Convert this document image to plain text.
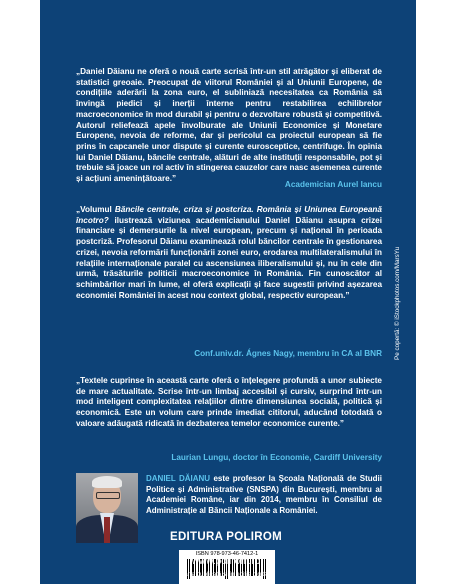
„Daniel Dăianu ne oferă o nouă carte scrisă într-un stil atrăgător și eliberat de statistici greoaie. Preocupat de viitorul României și al Uniunii Europene, de condițiile aderării la zona euro, el subliniază necesitatea ca România să învingă piedici și inerții înterne pentru restabilirea echilibrelor macroeconomice în mod durabil și pentru o dezvoltare robustă și competitivă. Autorul reliefează apele învolburate ale Uniunii Economice și Monetare Europene, nevoia de reforme, dar și pericolul ca proiectul european să fie prins în capcanele unor dispute și curente eurosceptice, centrifuge. În opinia lui Daniel Dăianu, băncile centrale, alături de alte instituții responsabile, pot și trebuie să joace un rol activ în stingerea cauzelor care nasc asemenea curente și acțiuni amenințătoare.”

Academician Aurel Iancu

„Volumul Băncile centrale, criza și postcriza. România și Uniunea Europeană încotro? ilustrează viziunea academicianului Daniel Dăianu asupra crizei financiare și demersurile la nivel european, precum și național în perioada postcriză. Profesorul Dăianu examinează rolul băncilor centrale în gestionarea crizei, nevoia reformării funcționării zonei euro, erodarea multilateralismului în relațiile internaționale paralel cu ascensiunea iliberalismului și, nu în cele din urmă, trăsăturile politicii macroeconomice în România. Fin cunoscător al schimbărilor mari în lume, el oferă explicații și face sugestii privind așezarea economiei României în acest nou context global, respectiv european.”

Conf.univ.dr. Ágnes Nagy, membru în CA al BNR

„Textele cuprinse în această carte oferă o înțelegere profundă a unor subiecte de mare actualitate. Scrise într-un limbaj accesibil și cursiv, surprind într-un mod inteligent complexitatea relațiilor dintre dimensiunea socială, politică și economică. Este un volum care prinde imediat cititorul, aducând totodată o valoare adăugată ridicată în dezbaterea temelor economice curente.”

Laurian Lungu, doctor în Economie, Cardiff University
DANIEL DĂIANU este profesor la Școala Națională de Studii Politice și Administrative (SNSPA) din București, membru al Academiei Române, iar din 2014, membru în Consiliul de Administrație al Băncii Naționale a României.
Pe copertă: © iStockphotos.com/MarsYu
EDITURA POLIROM
ISBN 978-973-46-7412-1
www.polirom.ro
Carte publicată și în ediție digitală
